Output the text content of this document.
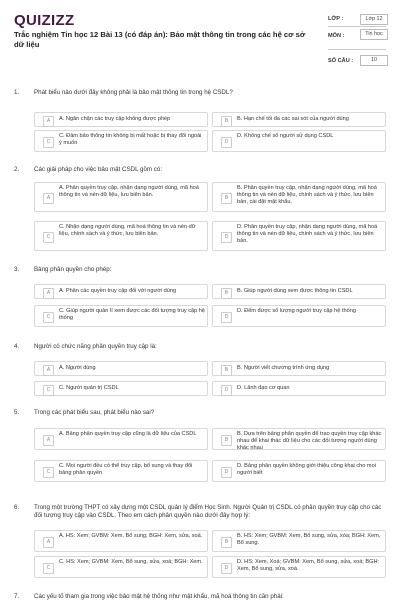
QUIZIZZ
Trắc nghiệm Tin học 12 Bài 13 (có đáp án): Bảo mật thông tin trong các hệ cơ sở dữ liệu
LỚP :	Lớp 12
MÔN :	Tin học
SỐ CÂU :	10
1. Phát biểu nào dưới đây không phải là bảo mật thông tin trong hệ CSDL?
A	A. Ngăn chặn các truy cập không được phép	B	B. Hạn chế tối đa các sai sót của người dùng
C
C. Đảm bảo thông tin không bị mất hoặc bị thay đổi ngoài ý muốn	D
D. Không chế số người sử dụng CSDL
2. Các giải pháp cho việc bảo mật CSDL gồm có:
A
A. Phân quyền truy cập, nhận dạng người dùng, mã hoá thông tin và nén dữ liệu, lưu biên bản.	B
B. Phân quyền truy cập, nhận dạng người dùng, mã hoá thông tin và nén dữ liệu, chính sách và ý thức, lưu biên bản, cài đặt mật khẩu.
C
C. Nhận dạng người dùng, mã hoá thông tin và nén dữ liệu, chính sách và ý thức, lưu biên bản.	D
D. Phân quyền truy cập, nhận dạng người dùng, mã hoá thông tin và nén dữ liệu, chính sách và ý thức, lưu biên bản.
3. Bảng phân quyền cho phép:
A	A. Phân các quyền truy cập đối với người dùng	B	B. Giúp người dùng xem được thông tin CSDL
C
C. Giúp người quản lí xem được các đối tượng truy cập hệ thống	D
D. Đếm được số lượng người truy cập hệ thống
4. Người có chức năng phân quyền truy cập là:
A	A. Người dùng	B	B. Người viết chương trình ứng dụng
C	C. Người quản trị CSDL	D	D. Lãnh đạo cơ quan
5. Trong các phát biểu sau, phát biểu nào sai?
A
A. Bảng phân quyền truy cập cũng là dữ liệu của CSDL
B
B. Dựa trên bảng phân quyền để trao quyền truy cập khác nhau để khai thác dữ liệu cho các đối tượng người dùng khác nhau
C
C. Mọi người đều có thể truy cập, bổ sung và thay đổi bảng phân quyền	D
D. Bảng phân quyền không giới thiệu công khai cho mọi người biết
6. Trong một trường THPT có xây dựng một CSDL quản lý điểm Học Sinh. Người Quản trị CSDL có phân quyền truy cập cho các đối tượng truy cập vào CSDL. Theo em cách phân quyền nào dưới đây hợp lý:
A
A. HS: Xem; GVBM: Xem, Bổ sung; BGH: Xem, sửa, xoá.
B
B. HS: Xem; GVBM: Xem, Bổ sung, sửa, xóa; BGH: Xem, Bổ sung.
C
C. HS: Xem; GVBM: Xem, Bổ sung, sửa, xoá; BGH: Xem.
D
D. HS: Xem, Xoá; GVBM: Xem, Bổ sung, sửa, xoá; BGH: Xem, Bổ sung, sửa, xoá.
7. Các yếu tố tham gia trong việc bảo mật hệ thống như mật khẩu, mã hoá thông tin cần phải:
